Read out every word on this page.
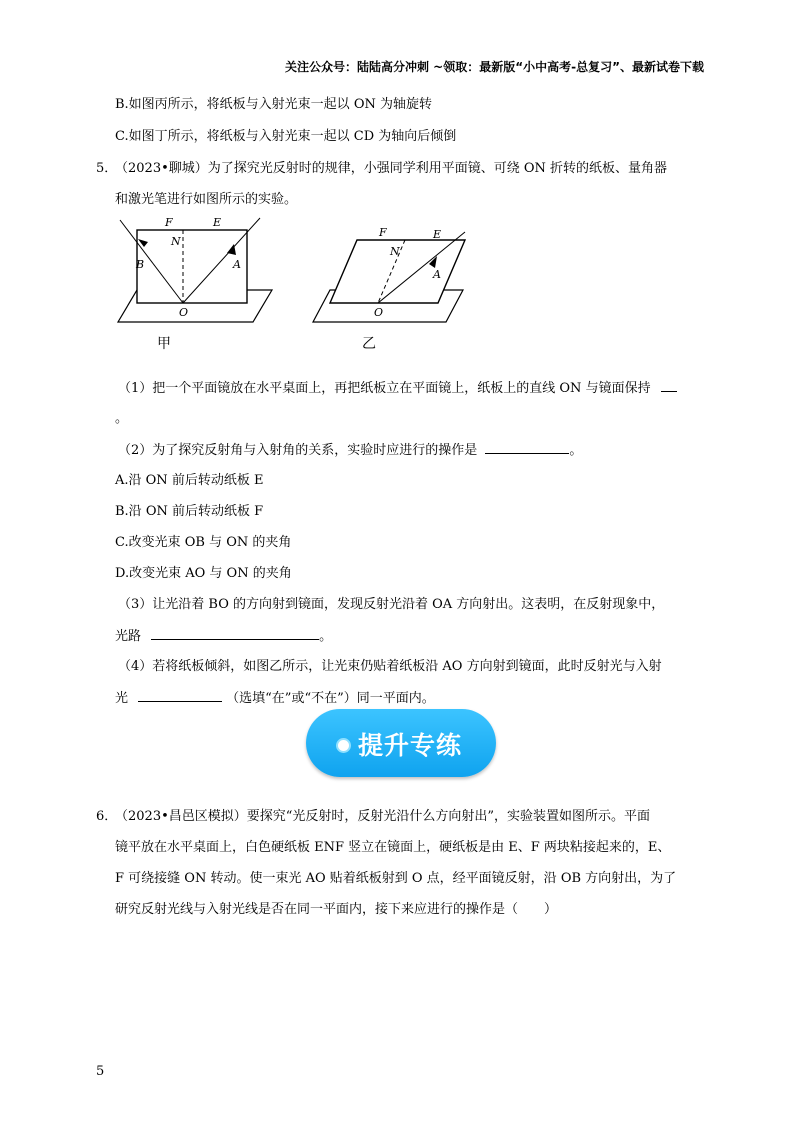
关注公众号：陆陆高分冲刺 ~领取：最新版“小中高考-总复习”、最新试卷下载
B.如图丙所示，将纸板与入射光束一起以 ON 为轴旋转
C.如图丁所示，将纸板与入射光束一起以 CD 为轴向后倾倒
5．
（2023•聊城）为了探究光反射时的规律，小强同学利用平面镜、可绕 ON 折转的纸板、量角器
和激光笔进行如图所示的实验。
F	E
N
B	A
O
甲
F	E
N
A
O
乙
（1）把一个平面镜放在水平桌面上，再把纸板立在平面镜上，纸板上的直线 ON 与镜面保持
。
（2）为了探究反射角与入射角的关系，实验时应进行的操作是	。
A.沿 ON 前后转动纸板 E
B.沿 ON 前后转动纸板 F
C.改变光束 OB 与 ON 的夹角
D.改变光束 AO 与 ON 的夹角
（3）让光沿着 BO 的方向射到镜面，发现反射光沿着 OA 方向射出。这表明，在反射现象中，
光路	。
（4）若将纸板倾斜，如图乙所示，让光束仍贴着纸板沿 AO 方向射到镜面，此时反射光与入射
光	（选填“在”或“不在”）同一平面内。
提升专练
6．
（2023•昌邑区模拟）要探究“光反射时，反射光沿什么方向射出”，实验装置如图所示。平面
镜平放在水平桌面上，白色硬纸板 ENF 竖立在镜面上，硬纸板是由 E、F 两块粘接起来的，E、
F 可绕接缝 ON 转动。使一束光 AO 贴着纸板射到 O 点，经平面镜反射，沿 OB 方向射出，为了
研究反射光线与入射光线是否在同一平面内，接下来应进行的操作是（　　）
5
